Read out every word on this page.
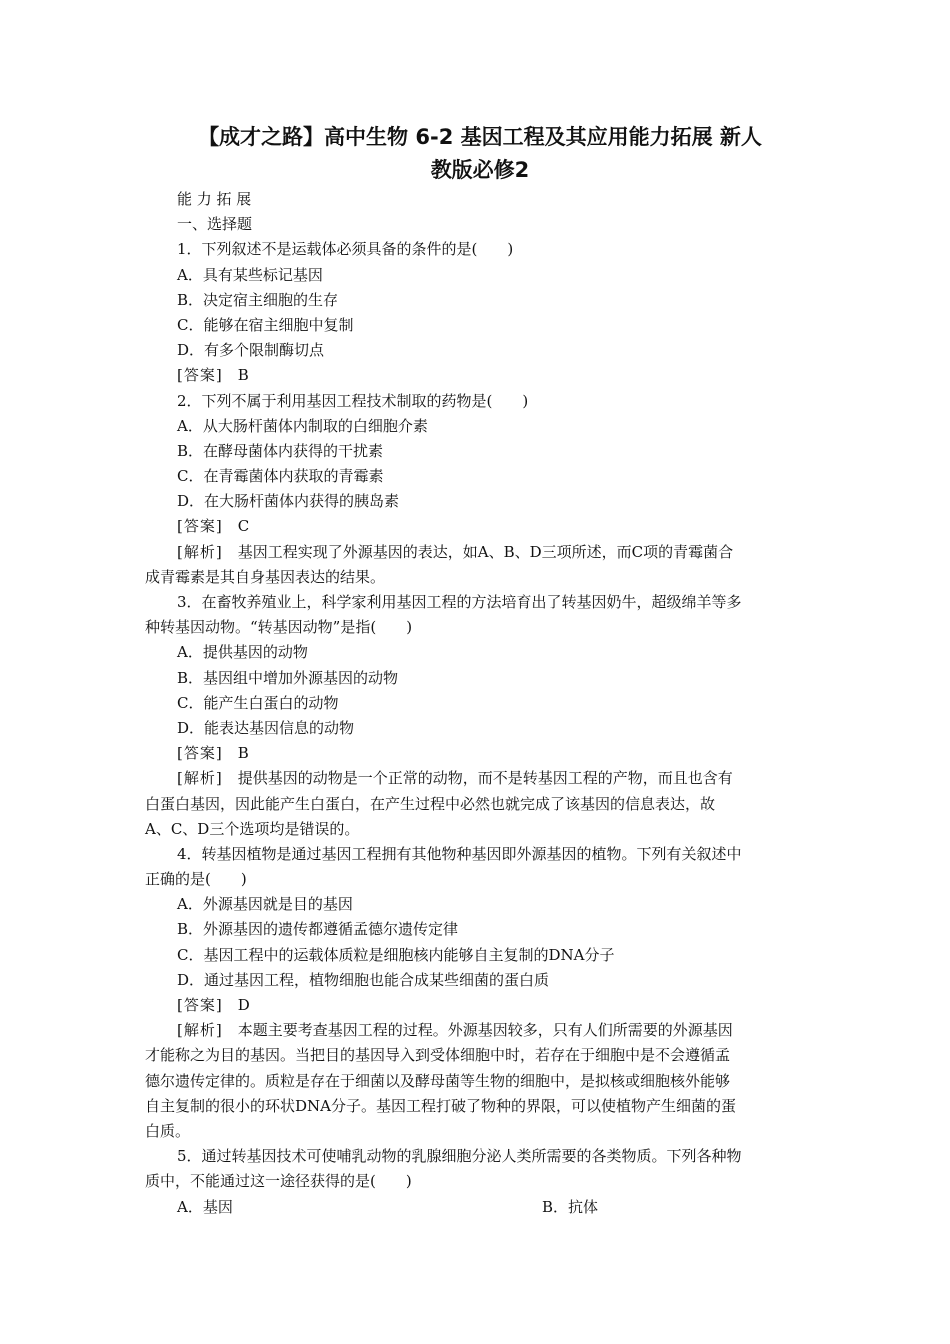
【成才之路】高中生物 6-2 基因工程及其应用能力拓展 新人
教版必修2
能 力 拓 展
一、选择题
1．下列叙述不是运载体必须具备的条件的是(　　)
A．具有某些标记基因
B．决定宿主细胞的生存
C．能够在宿主细胞中复制
D．有多个限制酶切点
[答案]　 B
2．下列不属于利用基因工程技术制取的药物是(　　)
A．从大肠杆菌体内制取的白细胞介素
B．在酵母菌体内获得的干扰素
C．在青霉菌体内获取的青霉素
D．在大肠杆菌体内获得的胰岛素
[答案]　 C
[解析]　 基因工程实现了外源基因的表达，如A、B、D三项所述，而C项的青霉菌合
成青霉素是其自身基因表达的结果。
3．在畜牧养殖业上，科学家利用基因工程的方法培育出了转基因奶牛，超级绵羊等多
种转基因动物。“转基因动物”是指(　　)
A．提供基因的动物
B．基因组中增加外源基因的动物
C．能产生白蛋白的动物
D．能表达基因信息的动物
[答案]　 B
[解析]　 提供基因的动物是一个正常的动物，而不是转基因工程的产物，而且也含有
白蛋白基因，因此能产生白蛋白，在产生过程中必然也就完成了该基因的信息表达，故
A、C、D三个选项均是错误的。
4．转基因植物是通过基因工程拥有其他物种基因即外源基因的植物。下列有关叙述中
正确的是(　　)
A．外源基因就是目的基因
B．外源基因的遗传都遵循孟德尔遗传定律
C．基因工程中的运载体质粒是细胞核内能够自主复制的DNA分子
D．通过基因工程，植物细胞也能合成某些细菌的蛋白质
[答案]　 D
[解析]　 本题主要考查基因工程的过程。外源基因较多，只有人们所需要的外源基因
才能称之为目的基因。当把目的基因导入到受体细胞中时，若存在于细胞中是不会遵循孟
德尔遗传定律的。质粒是存在于细菌以及酵母菌等生物的细胞中，是拟核或细胞核外能够
自主复制的很小的环状DNA分子。基因工程打破了物种的界限，可以使植物产生细菌的蛋
白质。
5．通过转基因技术可使哺乳动物的乳腺细胞分泌人类所需要的各类物质。下列各种物
质中，不能通过这一途径获得的是(　　)
A．基因	B．抗体
